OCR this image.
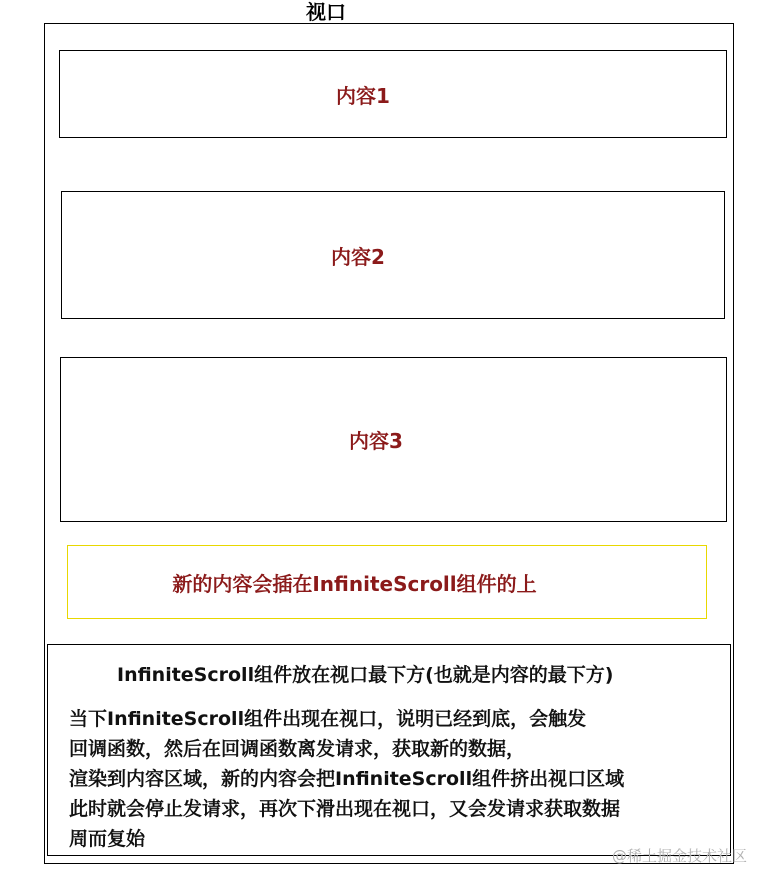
视口
内容1
内容2
内容3
新的内容会插在InfiniteScroll组件的上
InfiniteScroll组件放在视口最下方(也就是内容的最下方)
当下InfiniteScroll组件出现在视口，说明已经到底，会触发
回调函数，然后在回调函数离发请求，获取新的数据，
渲染到内容区域，新的内容会把InfiniteScroll组件挤出视口区域
此时就会停止发请求，再次下滑出现在视口，又会发请求获取数据
周而复始
@稀土掘金技术社区
